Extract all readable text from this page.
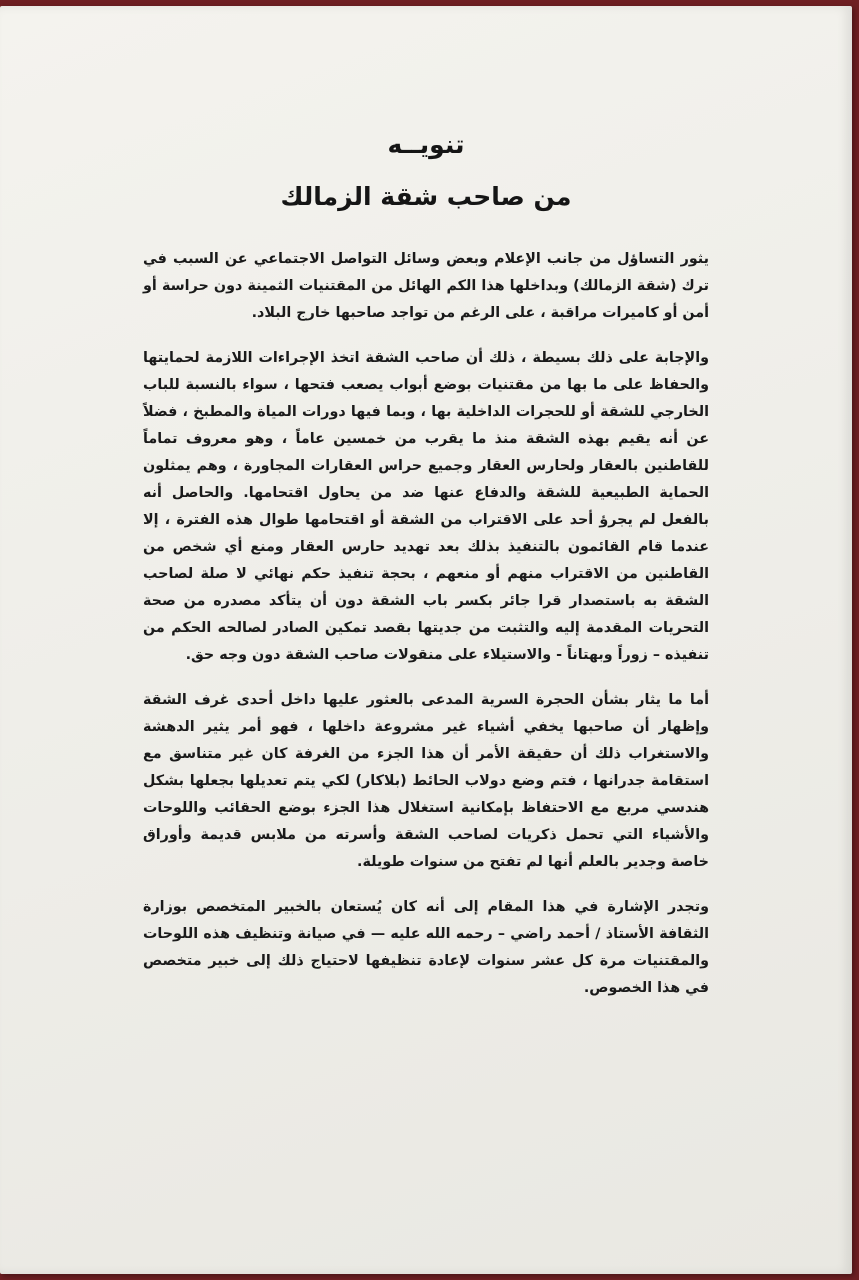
تنويــه

من صاحب شقة الزمالك

يثور التساؤل من جانب الإعلام وبعض وسائل التواصل الاجتماعي عن السبب في ترك (شقة الزمالك) وبداخلها هذا الكم الهائل من المقتنيات الثمينة دون حراسة أو أمن أو كاميرات مراقبة ، على الرغم من تواجد صاحبها خارج البلاد.

والإجابة على ذلك بسيطة ، ذلك أن صاحب الشقة اتخذ الإجراءات اللازمة لحمايتها والحفاظ على ما بها من مقتنيات بوضع أبواب يصعب فتحها ، سواء بالنسبة للباب الخارجي للشقة أو للحجرات الداخلية بها ، وبما فيها دورات المياة والمطبخ ، فضلاً عن أنه يقيم بهذه الشقة منذ ما يقرب من خمسين عاماً ، وهو معروف تماماً للقاطنين بالعقار ولحارس العقار وجميع حراس العقارات المجاورة ، وهم يمثلون الحماية الطبيعية للشقة والدفاع عنها ضد من يحاول اقتحامها. والحاصل أنه بالفعل لم يجرؤ أحد على الاقتراب من الشقة أو اقتحامها طوال هذه الفترة ، إلا عندما قام القائمون بالتنفيذ بذلك بعد تهديد حارس العقار ومنع أي شخص من القاطنين من الاقتراب منهم أو منعهم ، بحجة تنفيذ حكم نهائي لا صلة لصاحب الشقة به باستصدار قرا جائر بكسر باب الشقة دون أن يتأكد مصدره من صحة التحريات المقدمة إليه والتثبت من جديتها بقصد تمكين الصادر لصالحه الحكم من تنفيذه – زوراً وبهتاناً - والاستيلاء على منقولات صاحب الشقة دون وجه حق.

أما ما يثار بشأن الحجرة السرية المدعى بالعثور عليها داخل أحدى غرف الشقة وإظهار أن صاحبها يخفي أشياء غير مشروعة داخلها ، فهو أمر يثير الدهشة والاستغراب ذلك أن حقيقة الأمر أن هذا الجزء من الغرفة كان غير متناسق مع استقامة جدرانها ، فتم وضع دولاب الحائط (بلاكار) لكي يتم تعديلها بجعلها بشكل هندسي مربع مع الاحتفاظ بإمكانية استغلال هذا الجزء بوضع الحقائب واللوحات والأشياء التي تحمل ذكريات لصاحب الشقة وأسرته من ملابس قديمة وأوراق خاصة وجدير بالعلم أنها لم تفتح من سنوات طويلة.

وتجدر الإشارة في هذا المقام إلى أنه كان يُستعان بالخبير المتخصص بوزارة الثقافة الأستاذ / أحمد راضي – رحمه الله عليه — في صيانة وتنظيف هذه اللوحات والمقتنيات مرة كل عشر سنوات لإعادة تنظيفها لاحتياج ذلك إلى خبير متخصص في هذا الخصوص.
